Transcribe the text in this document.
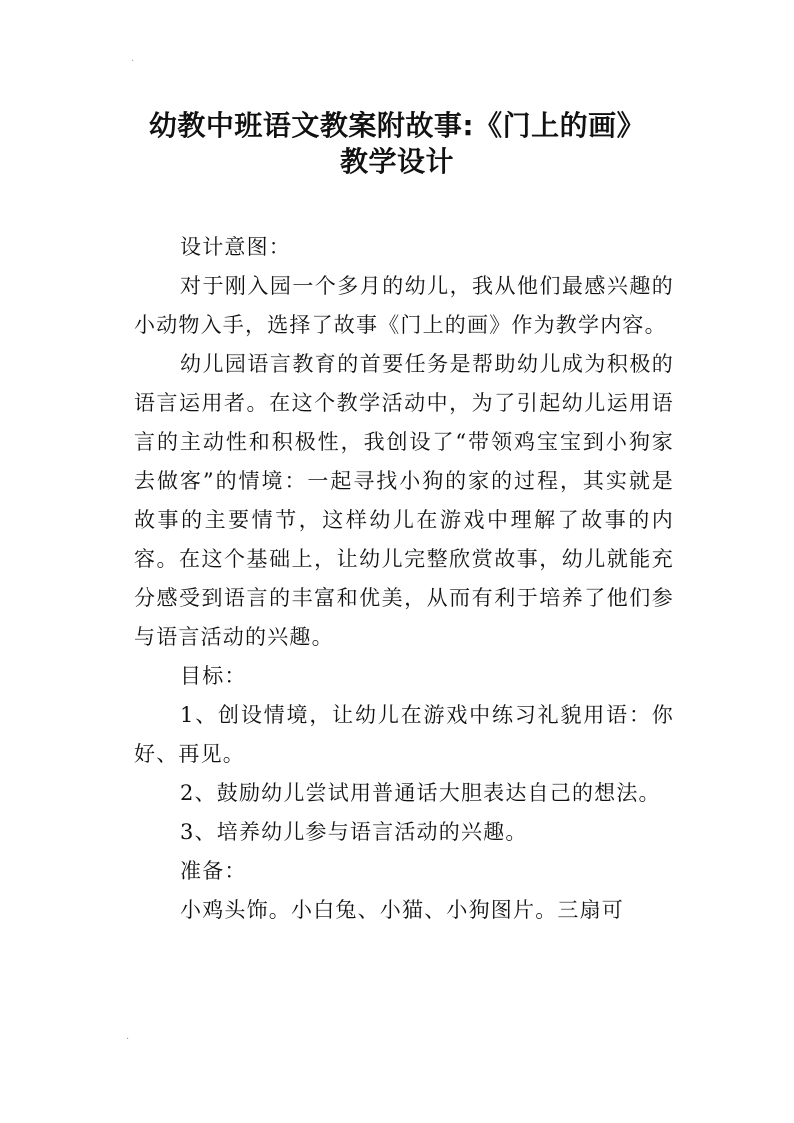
·
·
幼教中班语文教案附故事:《门上的画》
教学设计

设计意图：

对于刚入园一个多月的幼儿，我从他们最感兴趣的小动物入手，选择了故事《门上的画》作为教学内容。

幼儿园语言教育的首要任务是帮助幼儿成为积极的语言运用者。在这个教学活动中，为了引起幼儿运用语言的主动性和积极性，我创设了“带领鸡宝宝到小狗家去做客”的情境：一起寻找小狗的家的过程，其实就是故事的主要情节，这样幼儿在游戏中理解了故事的内容。在这个基础上，让幼儿完整欣赏故事，幼儿就能充分感受到语言的丰富和优美，从而有利于培养了他们参与语言活动的兴趣。

目标：

1、创设情境，让幼儿在游戏中练习礼貌用语：你好、再见。

2、鼓励幼儿尝试用普通话大胆表达自己的想法。

3、培养幼儿参与语言活动的兴趣。

准备：

小鸡头饰。小白兔、小猫、小狗图片。三扇可
